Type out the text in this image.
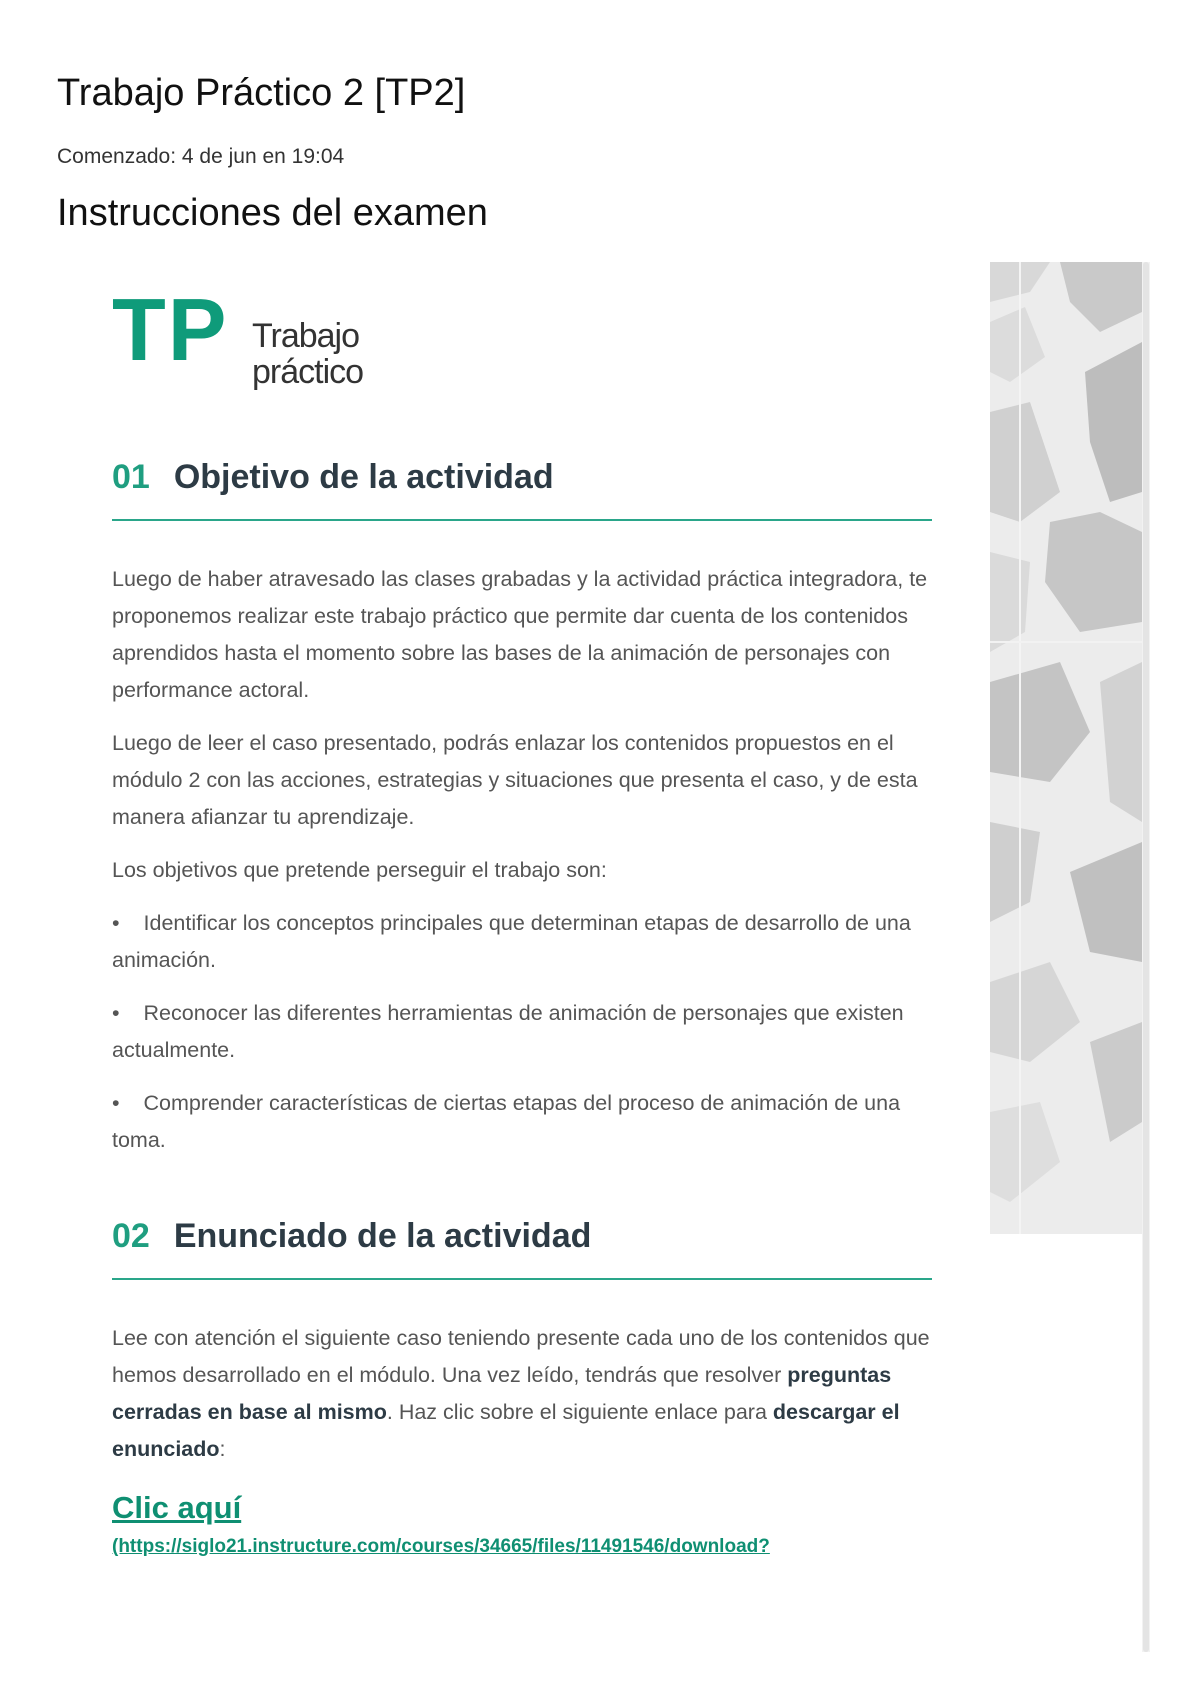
Trabajo Práctico 2 [TP2]
Comenzado: 4 de jun en 19:04
Instrucciones del examen
TP Trabajo
práctico
01 Objetivo de la actividad

Luego de haber atravesado las clases grabadas y la actividad práctica integradora, te proponemos realizar este trabajo práctico que permite dar cuenta de los contenidos aprendidos hasta el momento sobre las bases de la animación de personajes con performance actoral.

Luego de leer el caso presentado, podrás enlazar los contenidos propuestos en el módulo 2 con las acciones, estrategias y situaciones que presenta el caso, y de esta manera afianzar tu aprendizaje.

Los objetivos que pretende perseguir el trabajo son:

• Identificar los conceptos principales que determinan etapas de desarrollo de una animación.

• Reconocer las diferentes herramientas de animación de personajes que existen actualmente.

• Comprender características de ciertas etapas del proceso de animación de una toma.

02 Enunciado de la actividad

Lee con atención el siguiente caso teniendo presente cada uno de los contenidos que hemos desarrollado en el módulo. Una vez leído, tendrás que resolver preguntas cerradas en base al mismo. Haz clic sobre el siguiente enlace para descargar el enunciado:

Clic aquí
(https://siglo21.instructure.com/courses/34665/files/11491546/download?
